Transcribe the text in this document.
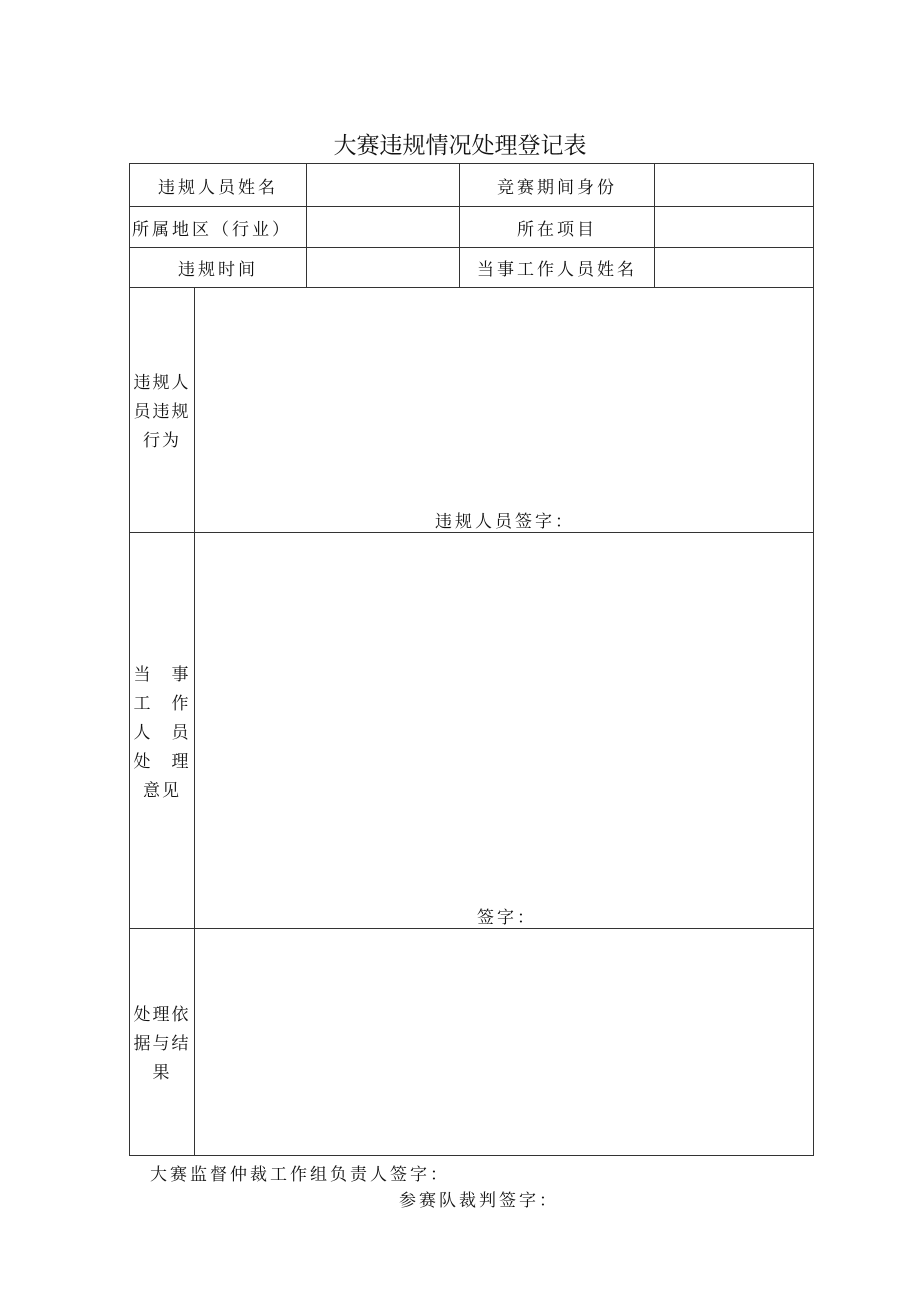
大赛违规情况处理登记表
违规人员姓名	竞赛期间身份
所属地区（行业）	所在项目
违规时间	当事工作人员姓名
违规人
员违规
行为
违规人员签字：
当　事
工　作
人　员
处　理
意见
签字：
处理依
据与结
果
大赛监督仲裁工作组负责人签字：
参赛队裁判签字：
